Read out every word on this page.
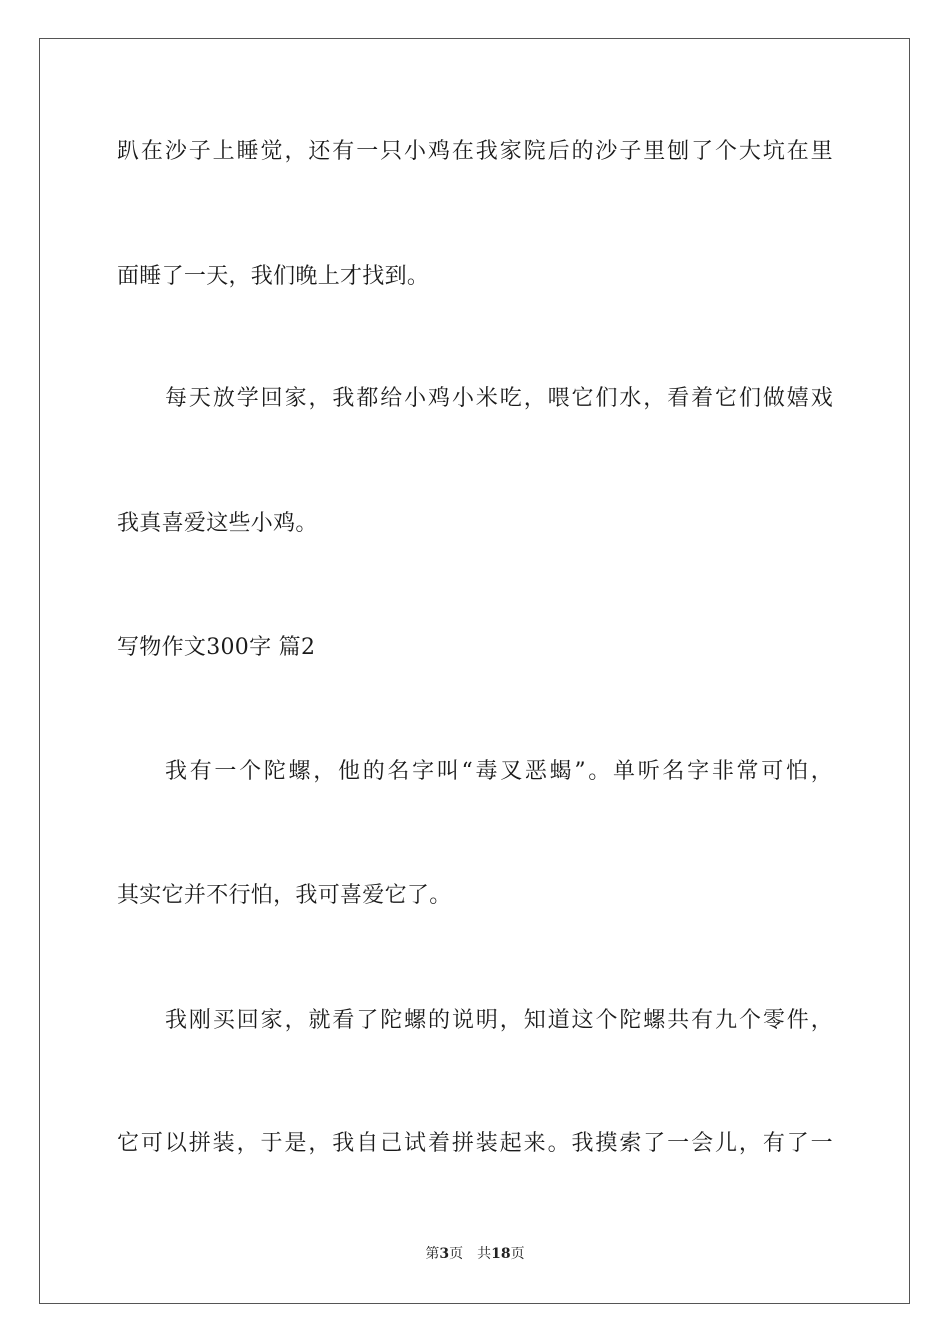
趴在沙子上睡觉，还有一只小鸡在我家院后的沙子里刨了个大坑在里
面睡了一天，我们晚上才找到。
每天放学回家，我都给小鸡小米吃，喂它们水，看着它们做嬉戏
我真喜爱这些小鸡。
写物作文300字 篇2
我有一个陀螺，他的名字叫“毒叉恶蝎”。单听名字非常可怕，
其实它并不行怕，我可喜爱它了。
我刚买回家，就看了陀螺的说明，知道这个陀螺共有九个零件，
它可以拼装，于是，我自己试着拼装起来。我摸索了一会儿，有了一
第3页 共18页
